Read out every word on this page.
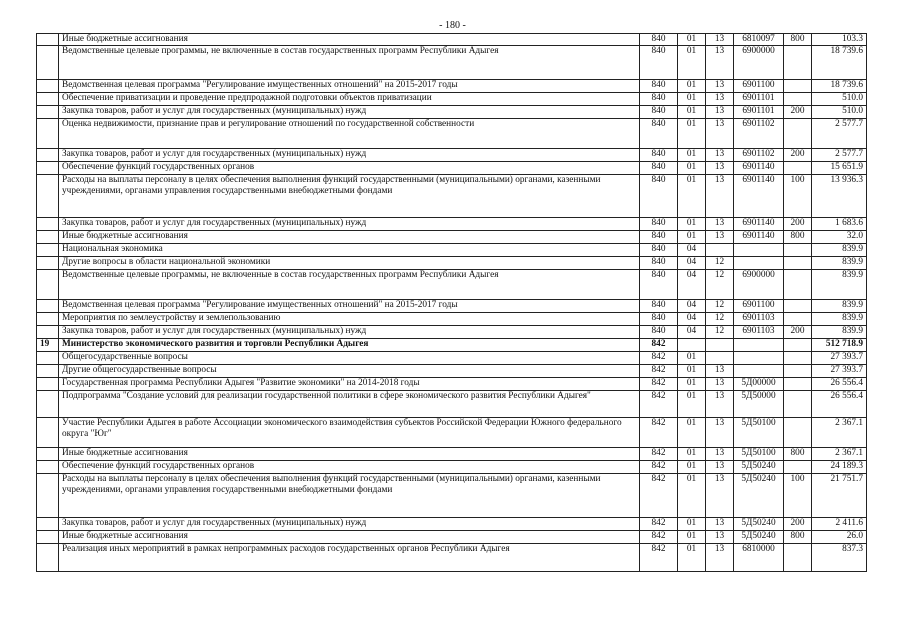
- 180 -
	Иные бюджетные ассигнования	840	01	13	6810097	800	103.3
	Ведомственные целевые программы, не включенные в состав государственных программ Республики Адыгея	840	01	13	6900000		18 739.6
	Ведомственная целевая программа "Регулирование имущественных отношений" на 2015-2017 годы	840	01	13	6901100		18 739.6
	Обеспечение приватизации и проведение предпродажной подготовки объектов приватизации	840	01	13	6901101		510.0
	Закупка товаров, работ и услуг для государственных (муниципальных) нужд	840	01	13	6901101	200	510.0
	Оценка недвижимости, признание прав и регулирование отношений по государственной собственности	840	01	13	6901102		2 577.7
	Закупка товаров, работ и услуг для государственных (муниципальных) нужд	840	01	13	6901102	200	2 577.7
	Обеспечение функций государственных органов	840	01	13	6901140		15 651.9
	Расходы на выплаты персоналу в целях обеспечения выполнения функций государственными (муниципальными) органами, казенными учреждениями, органами управления государственными внебюджетными фондами	840	01	13	6901140	100	13 936.3
	Закупка товаров, работ и услуг для государственных (муниципальных) нужд	840	01	13	6901140	200	1 683.6
	Иные бюджетные ассигнования	840	01	13	6901140	800	32.0
	Национальная экономика	840	04				839.9
	Другие вопросы в области национальной экономики	840	04	12			839.9
	Ведомственные целевые программы, не включенные в состав государственных программ Республики Адыгея	840	04	12	6900000		839.9
	Ведомственная целевая программа "Регулирование имущественных отношений" на 2015-2017 годы	840	04	12	6901100		839.9
	Мероприятия по землеустройству и землепользованию	840	04	12	6901103		839.9
	Закупка товаров, работ и услуг для государственных (муниципальных) нужд	840	04	12	6901103	200	839.9
19	Министерство экономического развития и торговли Республики Адыгея	842					512 718.9
	Общегосударственные вопросы	842	01				27 393.7
	Другие общегосударственные вопросы	842	01	13			27 393.7
	Государственная программа Республики Адыгея "Развитие экономики" на 2014-2018 годы	842	01	13	5Д00000		26 556.4
	Подпрограмма "Создание условий для реализации государственной политики в сфере экономического развития Республики Адыгея"	842	01	13	5Д50000		26 556.4
	Участие Республики Адыгея в работе Ассоциации экономического взаимодействия субъектов Российской Федерации Южного федерального округа "Юг"	842	01	13	5Д50100		2 367.1
	Иные бюджетные ассигнования	842	01	13	5Д50100	800	2 367.1
	Обеспечение функций государственных органов	842	01	13	5Д50240		24 189.3
	Расходы на выплаты персоналу в целях обеспечения выполнения функций государственными (муниципальными) органами, казенными учреждениями, органами управления государственными внебюджетными фондами	842	01	13	5Д50240	100	21 751.7
	Закупка товаров, работ и услуг для государственных (муниципальных) нужд	842	01	13	5Д50240	200	2 411.6
	Иные бюджетные ассигнования	842	01	13	5Д50240	800	26.0
	Реализация иных мероприятий в рамках непрограммных расходов государственных органов Республики Адыгея	842	01	13	6810000		837.3
